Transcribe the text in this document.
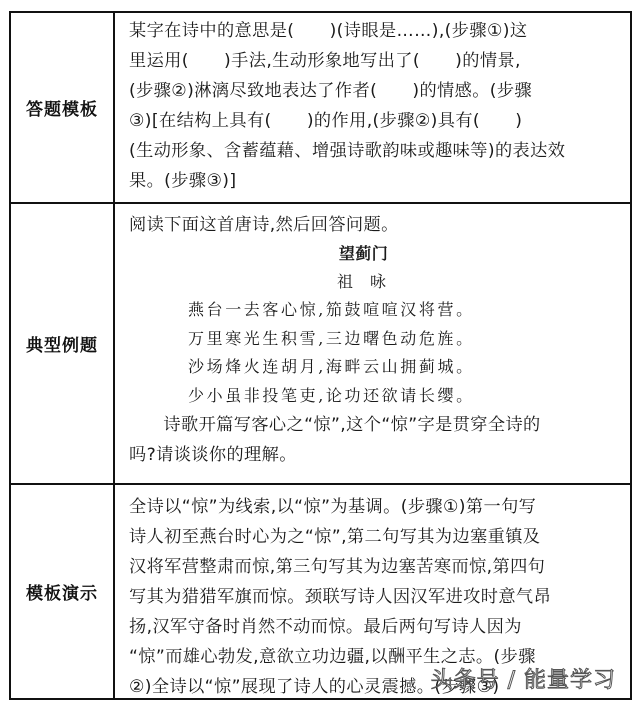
答题模板

某字在诗中的意思是(　　)(诗眼是……),(步骤①)这

里运用(　　)手法,生动形象地写出了(　　)的情景,

(步骤②)淋漓尽致地表达了作者(　　)的情感。(步骤

③)[在结构上具有(　　)的作用,(步骤②)具有(　　)

(生动形象、含蓄蕴藉、增强诗歌韵味或趣味等)的表达效

果。(步骤③)]

典型例题

阅读下面这首唐诗,然后回答问题。

望蓟门

祖 咏

燕台一去客心惊,笳鼓喧喧汉将营。

万里寒光生积雪,三边曙色动危旌。

沙场烽火连胡月,海畔云山拥蓟城。

少小虽非投笔吏,论功还欲请长缨。

诗歌开篇写客心之“惊”,这个“惊”字是贯穿全诗的

吗?请谈谈你的理解。

模板演示

全诗以“惊”为线索,以“惊”为基调。(步骤①)第一句写

诗人初至燕台时心为之“惊”,第二句写其为边塞重镇及

汉将军营整肃而惊,第三句写其为边塞苦寒而惊,第四句

写其为猎猎军旗而惊。颈联写诗人因汉军进攻时意气昂

扬,汉军守备时肖然不动而惊。最后两句写诗人因为

“惊”而雄心勃发,意欲立功边疆,以酬平生之志。(步骤

②)全诗以“惊”展现了诗人的心灵震撼。(步骤③)

头条号 / 能量学习
